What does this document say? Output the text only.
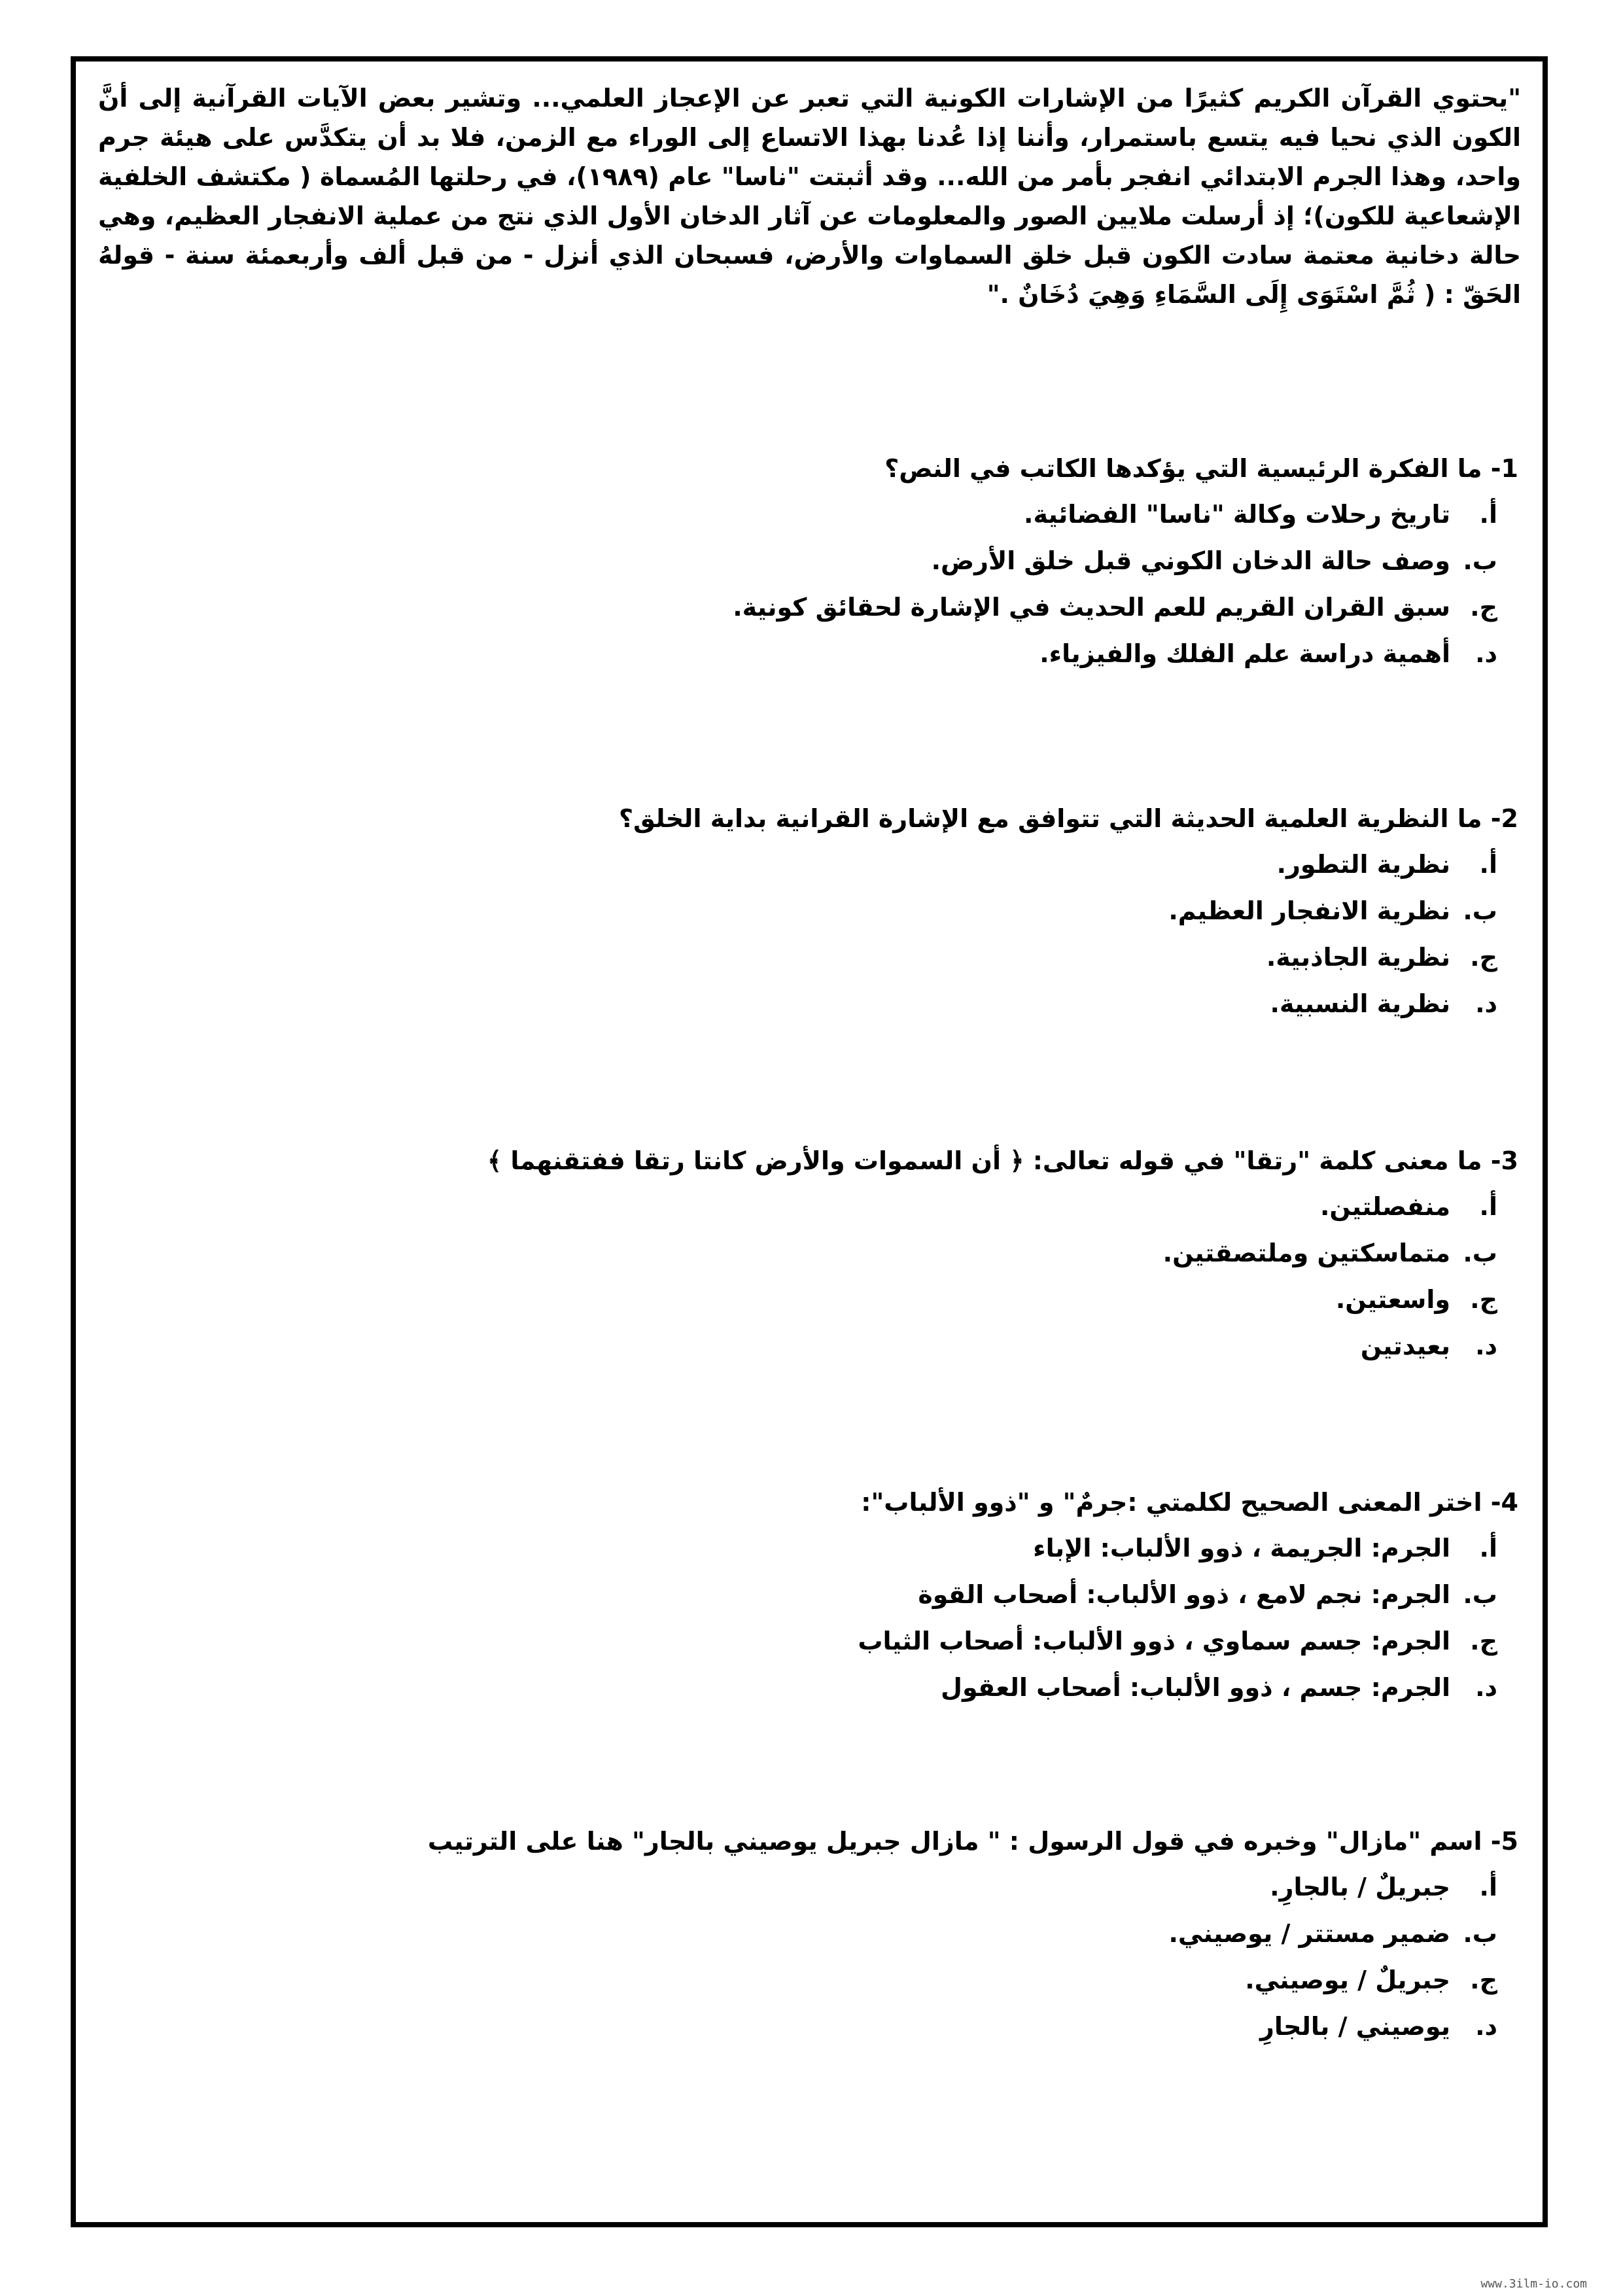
"يحتوي القرآن الكريم كثيرًا من الإشارات الكونية التي تعبر عن الإعجاز العلمي... وتشير بعض الآيات القرآنية إلى أنَّ الكون الذي نحيا فيه يتسع باستمرار، وأننا إذا عُدنا بهذا الاتساع إلى الوراء مع الزمن، فلا بد أن يتكدَّس على هيئة جرم واحد، وهذا الجرم الابتدائي انفجر بأمر من الله... وقد أثبتت "ناسا" عام (١٩٨٩)، في رحلتها المُسماة ( مكتشف الخلفية الإشعاعية للكون)؛ إذ أرسلت ملايين الصور والمعلومات عن آثار الدخان الأول الذي نتج من عملية الانفجار العظيم، وهي حالة دخانية معتمة سادت الكون قبل خلق السماوات والأرض، فسبحان الذي أنزل - من قبل ألف وأربعمئة سنة - قولهُ الحَقّ : ( ثُمَّ اسْتَوَى إِلَى السَّمَاءِ وَهِيَ دُخَانٌ ."

1- ما الفكرة الرئيسية التي يؤكدها الكاتب في النص؟

أ.تاريخ رحلات وكالة "ناسا" الفضائية.
ب.وصف حالة الدخان الكوني قبل خلق الأرض.
ج.سبق القران القريم للعم الحديث في الإشارة لحقائق كونية.
د.أهمية دراسة علم الفلك والفيزياء.

2- ما النظرية العلمية الحديثة التي تتوافق مع الإشارة القرانية بداية الخلق؟

أ.نظرية التطور.
ب.نظرية الانفجار العظيم.
ج.نظرية الجاذبية.
د.نظرية النسبية.

3- ما معنى كلمة "رتقا" في قوله تعالى: ﴿ أن السموات والأرض كانتا رتقا ففتقنهما ﴾

أ.منفصلتين.
ب.متماسكتين وملتصقتين.
ج.واسعتين.
د.بعيدتين

4- اختر المعنى الصحيح لكلمتي :جرمٌ" و "ذوو الألباب":

أ.الجرم: الجريمة ، ذوو الألباب: الإباء
ب.الجرم: نجم لامع ، ذوو الألباب: أصحاب القوة
ج.الجرم: جسم سماوي ، ذوو الألباب: أصحاب الثياب
د.الجرم: جسم ، ذوو الألباب: أصحاب العقول

5- اسم "مازال" وخبره في قول الرسول : " مازال جبريل يوصيني بالجار" هنا على الترتيب

أ.جبريلٌ / بالجارِ.
ب.ضمير مستتر / يوصيني.
ج.جبريلٌ / يوصيني.
د.يوصيني / بالجارِ
www.3ilm-io.com
